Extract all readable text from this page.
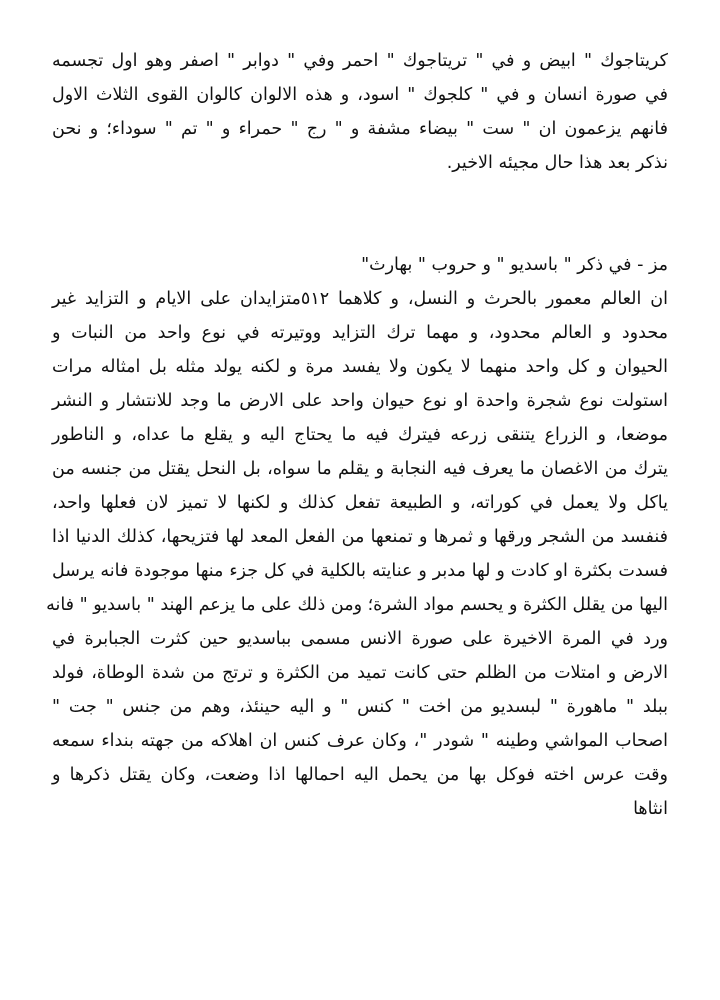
كريتاجوك " ابيض و في " تريتاجوك " احمر وفي " دوابر " اصفر وهو اول تجسمه
في صورة انسان و في " كلجوك " اسود، و هذه الالوان كالوان القوى الثلاث الاول
فانهم يزعمون ان " ست " بيضاء مشفة و " رج " حمراء و " تم " سوداء؛ و نحن
نذكر بعد هذا حال مجيئه الاخير.
مز - في ذكر " باسديو " و حروب " بهارث"
ان العالم معمور بالحرث و النسل، و كلاهما ٥١٢متزايدان على الايام و التزايد غير
محدود و العالم محدود، و مهما ترك التزايد ووتيرته في نوع واحد من النبات و
الحيوان و كل واحد منهما لا يكون ولا يفسد مرة و لكنه يولد مثله بل امثاله مرات
استولت نوع شجرة واحدة او نوع حيوان واحد على الارض ما وجد للانتشار و النشر
موضعا، و الزراع يتنقى زرعه فيترك فيه ما يحتاج اليه و يقلع ما عداه، و الناطور
يترك من الاغصان ما يعرف فيه النجابة و يقلم ما سواه، بل النحل يقتل من جنسه من
ياكل ولا يعمل في كوراته، و الطبيعة تفعل كذلك و لكنها لا تميز لان فعلها واحد،
فنفسد من الشجر ورقها و ثمرها و تمنعها من الفعل المعد لها فتزيحها، كذلك الدنيا اذا
فسدت بكثرة او كادت و لها مدبر و عنايته بالكلية في كل جزء منها موجودة فانه يرسل
اليها من يقلل الكثرة و يحسم مواد الشرة؛ ومن ذلك على ما يزعم الهند " باسديو " فانه
ورد في المرة الاخيرة على صورة الانس مسمى بباسديو حين كثرت الجبابرة في
الارض و امتلات من الظلم حتى كانت تميد من الكثرة و ترتج من شدة الوطاة، فولد
ببلد " ماهورة " لبسديو من اخت " كنس " و اليه حينئذ، وهم من جنس " جت "
اصحاب المواشي وطينه " شودر "، وكان عرف كنس ان اهلاكه من جهته بنداء سمعه
وقت عرس اخته فوكل بها من يحمل اليه احمالها اذا وضعت، وكان يقتل ذكرها و
انثاها
